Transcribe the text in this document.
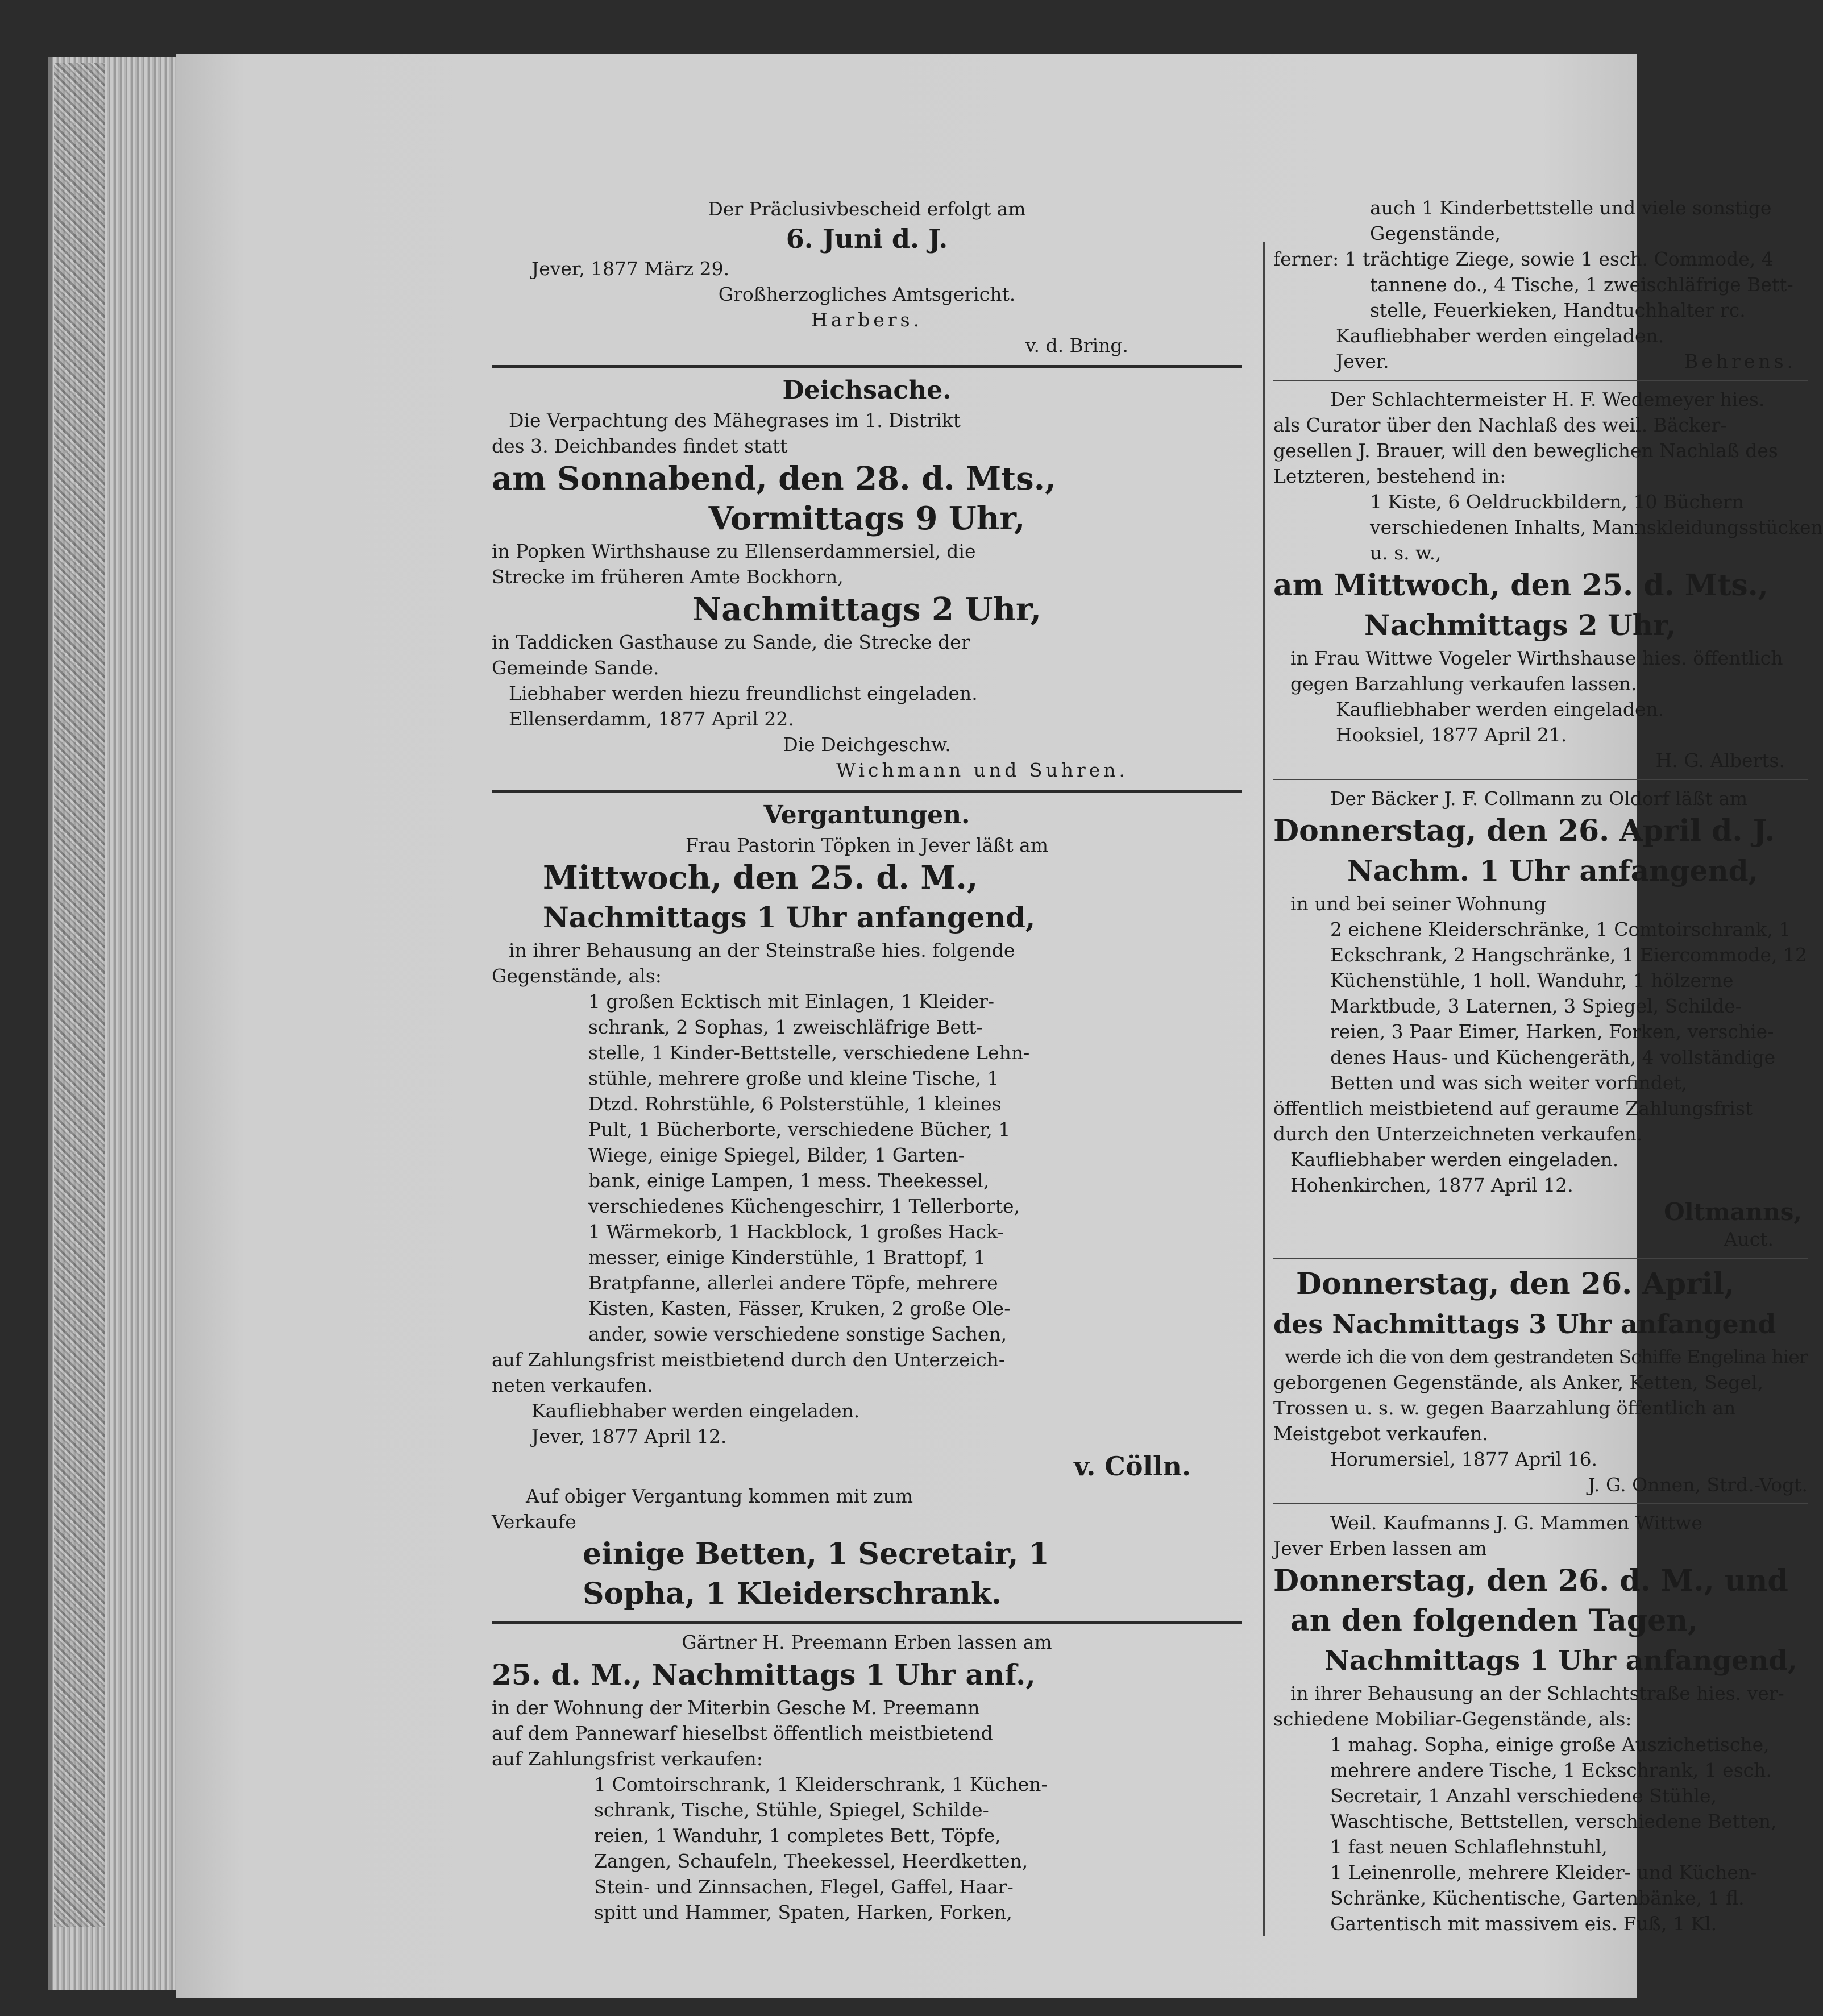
Der Präclusivbescheid erfolgt am

6. Juni d. J.

Jever, 1877 März 29.

Großherzogliches Amtsgericht.

Harbers.

v. d. Bring.

Deichsache.

Die Verpachtung des Mähegrases im 1. Distrikt

des 3. Deichbandes findet statt

am Sonnabend, den 28. d. Mts.,

Vormittags 9 Uhr,

in Popken Wirthshause zu Ellenserdammersiel, die

Strecke im früheren Amte Bockhorn,

Nachmittags 2 Uhr,

in Taddicken Gasthause zu Sande, die Strecke der

Gemeinde Sande.

Liebhaber werden hiezu freundlichst eingeladen.

Ellenserdamm, 1877 April 22.

Die Deichgeschw.

Wichmann und Suhren.

Vergantungen.

Frau Pastorin Töpken in Jever läßt am

Mittwoch, den 25. d. M.,

Nachmittags 1 Uhr anfangend,

in ihrer Behausung an der Steinstraße hies. folgende

Gegenstände, als:

1 großen Ecktisch mit Einlagen, 1 Kleider-

schrank, 2 Sophas, 1 zweischläfrige Bett-

stelle, 1 Kinder-Bettstelle, verschiedene Lehn-

stühle, mehrere große und kleine Tische, 1

Dtzd. Rohrstühle, 6 Polsterstühle, 1 kleines

Pult, 1 Bücherborte, verschiedene Bücher, 1

Wiege, einige Spiegel, Bilder, 1 Garten-

bank, einige Lampen, 1 mess. Theekessel,

verschiedenes Küchengeschirr, 1 Tellerborte,

1 Wärmekorb, 1 Hackblock, 1 großes Hack-

messer, einige Kinderstühle, 1 Brattopf, 1

Bratpfanne, allerlei andere Töpfe, mehrere

Kisten, Kasten, Fässer, Kruken, 2 große Ole-

ander, sowie verschiedene sonstige Sachen,

auf Zahlungsfrist meistbietend durch den Unterzeich-

neten verkaufen.

Kaufliebhaber werden eingeladen.

Jever, 1877 April 12.

v. Cölln.

Auf obiger Vergantung kommen mit zum

Verkaufe

einige Betten, 1 Secretair, 1

Sopha, 1 Kleiderschrank.

Gärtner H. Preemann Erben lassen am

25. d. M., Nachmittags 1 Uhr anf.,

in der Wohnung der Miterbin Gesche M. Preemann

auf dem Pannewarf hieselbst öffentlich meistbietend

auf Zahlungsfrist verkaufen:

1 Comtoirschrank, 1 Kleiderschrank, 1 Küchen-

schrank, Tische, Stühle, Spiegel, Schilde-

reien, 1 Wanduhr, 1 completes Bett, Töpfe,

Zangen, Schaufeln, Theekessel, Heerdketten,

Stein- und Zinnsachen, Flegel, Gaffel, Haar-

spitt und Hammer, Spaten, Harken, Forken,

auch 1 Kinderbettstelle und viele sonstige

Gegenstände,

ferner: 1 trächtige Ziege, sowie 1 esch. Commode, 4

tannene do., 4 Tische, 1 zweischläfrige Bett-

stelle, Feuerkieken, Handtuchhalter rc.

Kaufliebhaber werden eingeladen.

Jever.	Behrens.

Der Schlachtermeister H. F. Wedemeyer hies.

als Curator über den Nachlaß des weil. Bäcker-

gesellen J. Brauer, will den beweglichen Nachlaß des

Letzteren, bestehend in:

1 Kiste, 6 Oeldruckbildern, 10 Büchern

verschiedenen Inhalts, Mannskleidungsstücken

u. s. w.,

am Mittwoch, den 25. d. Mts.,

Nachmittags 2 Uhr,

in Frau Wittwe Vogeler Wirthshause hies. öffentlich

gegen Barzahlung verkaufen lassen.

Kaufliebhaber werden eingeladen.

Hooksiel, 1877 April 21.

H. G. Alberts.

Der Bäcker J. F. Collmann zu Oldorf läßt am

Donnerstag, den 26. April d. J.

Nachm. 1 Uhr anfangend,

in und bei seiner Wohnung

2 eichene Kleiderschränke, 1 Comtoirschrank, 1

Eckschrank, 2 Hangschränke, 1 Eiercommode, 12

Küchenstühle, 1 holl. Wanduhr, 1 hölzerne

Marktbude, 3 Laternen, 3 Spiegel, Schilde-

reien, 3 Paar Eimer, Harken, Forken, verschie-

denes Haus- und Küchengeräth, 4 vollständige

Betten und was sich weiter vorfindet,

öffentlich meistbietend auf geraume Zahlungsfrist

durch den Unterzeichneten verkaufen.

Kaufliebhaber werden eingeladen.

Hohenkirchen, 1877 April 12.

Oltmanns,

Auct.

Donnerstag, den 26. April,

des Nachmittags 3 Uhr anfangend

werde ich die von dem gestrandeten Schiffe Engelina hier

geborgenen Gegenstände, als Anker, Ketten, Segel,

Trossen u. s. w. gegen Baarzahlung öffentlich an

Meistgebot verkaufen.

Horumersiel, 1877 April 16.

J. G. Onnen, Strd.-Vogt.

Weil. Kaufmanns J. G. Mammen Wittwe

Jever Erben lassen am

Donnerstag, den 26. d. M., und

an den folgenden Tagen,

Nachmittags 1 Uhr anfangend,

in ihrer Behausung an der Schlachtstraße hies. ver-

schiedene Mobiliar-Gegenstände, als:

1 mahag. Sopha, einige große Auszichetische,

mehrere andere Tische, 1 Eckschrank, 1 esch.

Secretair, 1 Anzahl verschiedene Stühle,

Waschtische, Bettstellen, verschiedene Betten,

1 fast neuen Schlaflehnstuhl,

1 Leinenrolle, mehrere Kleider- und Küchen-

Schränke, Küchentische, Gartenbänke, 1 fl.

Gartentisch mit massivem eis. Fuß, 1 Kl.
